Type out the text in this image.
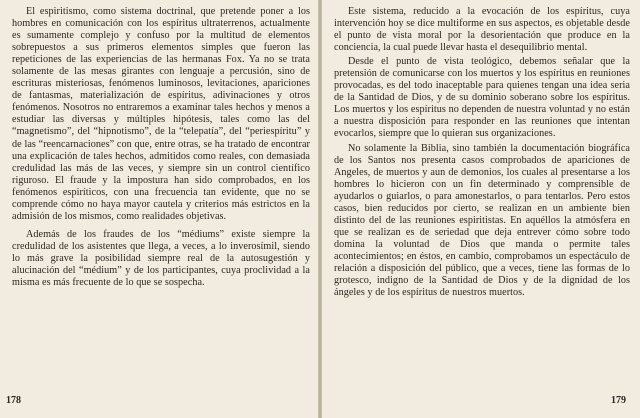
El espiritismo, como sistema doctrinal, que pretende poner a los hombres en comunicación con los espíritus ultraterrenos, actualmente es sumamente complejo y confuso por la multitud de elementos sobrepuestos a sus primeros elementos simples que fueron las repeticiones de las experiencias de las hermanas Fox. Ya no se trata solamente de las mesas girantes con lenguaje a percusión, sino de escrituras misteriosas, fenómenos luminosos, levitaciones, apariciones de fantasmas, materialización de espíritus, adivinaciones y otros fenómenos. Nosotros no entraremos a examinar tales hechos y menos a estudiar las diversas y múltiples hipótesis, tales como las del “magnetismo”, del “hipnotismo”, de la “telepatía”, del “periespíritu” y de las “reencarnaciones” con que, entre otras, se ha tratado de encontrar una explicación de tales hechos, admitidos como reales, con demasiada credulidad las más de las veces, y siempre sin un control científico riguroso. El fraude y la impostura han sido comprobados, en los fenómenos espiríticos, con una frecuencia tan evidente, que no se comprende cómo no haya mayor cautela y criterios más estrictos en la admisión de los mismos, como realidades objetivas.

Además de los fraudes de los “médiums” existe siempre la credulidad de los asistentes que llega, a veces, a lo inverosímil, siendo lo más grave la posibilidad siempre real de la autosugestión y alucinación del “médium” y de los participantes, cuya proclividad a la misma es más frecuente de lo que se sospecha.

178

Este sistema, reducido a la evocación de los espíritus, cuya intervención hoy se dice multiforme en sus aspectos, es objetable desde el punto de vista moral por la desorientación que produce en la conciencia, la cual puede llevar hasta el desequilibrio mental.

Desde el punto de vista teológico, debemos señalar que la pretensión de comunicarse con los muertos y los espíritus en reuniones provocadas, es del todo inaceptable para quienes tengan una idea seria de la Santidad de Dios, y de su dominio soberano sobre los espíritus. Los muertos y los espíritus no dependen de nuestra voluntad y no están a nuestra disposición para responder en las reuniones que intentan evocarlos, siempre que lo quieran sus organizaciones.

No solamente la Biblia, sino también la documentación biográfica de los Santos nos presenta casos comprobados de apariciones de Angeles, de muertos y aun de demonios, los cuales al presentarse a los hombres lo hicieron con un fin determinado y comprensible de ayudarlos o guiarlos, o para amonestarlos, o para tentarlos. Pero estos casos, bien reducidos por cierto, se realizan en un ambiente bien distinto del de las reuniones espiritistas. En aquéllos la atmósfera en que se realizan es de seriedad que deja entrever cómo sobre todo domina la voluntad de Dios que manda o permite tales acontecimientos; en éstos, en cambio, comprobamos un espectáculo de relación a disposición del público, que a veces, tiene las formas de lo grotesco, indigno de la Santidad de Dios y de la dignidad de los ángeles y de los espíritus de nuestros muertos.

179
